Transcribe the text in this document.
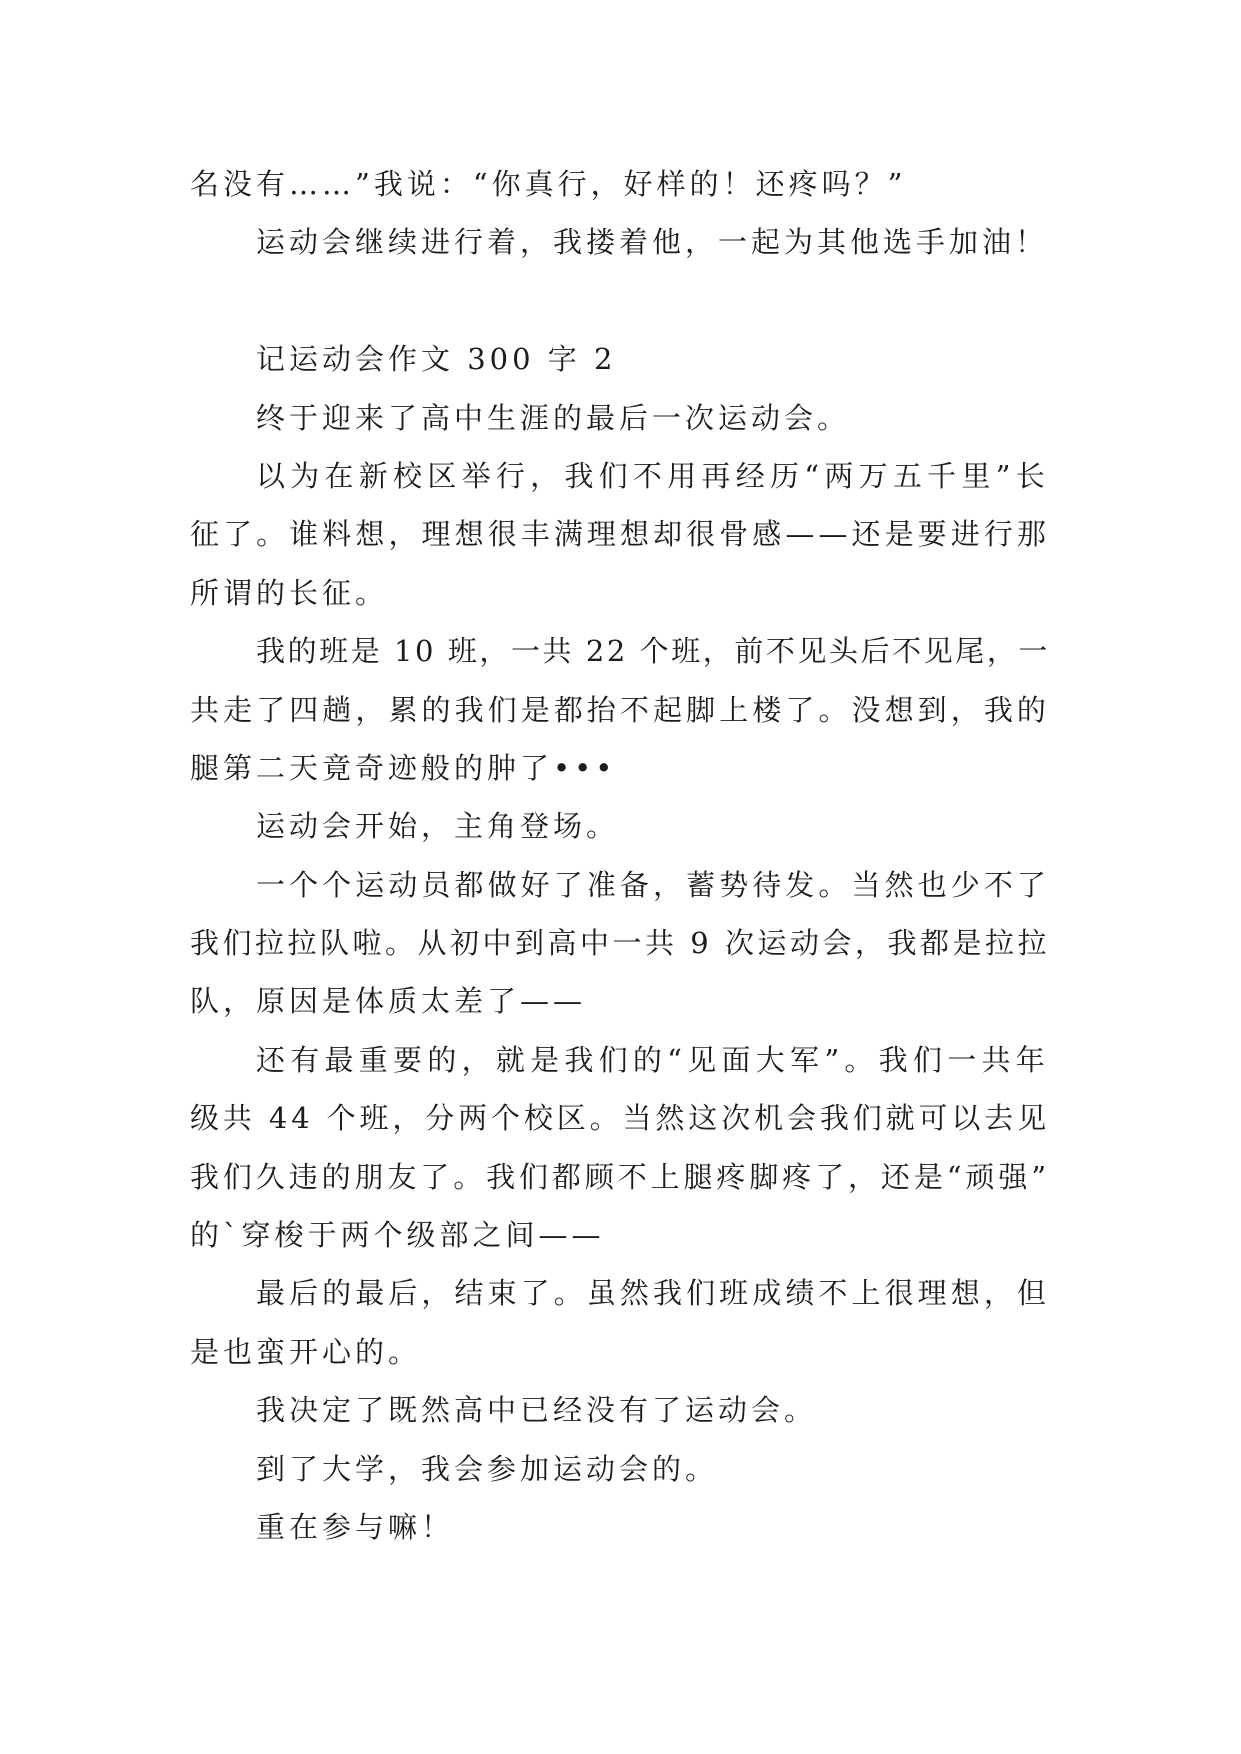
名没有……”我说：“你真行，好样的！还疼吗？”
运动会继续进行着，我搂着他，一起为其他选手加油！
记运动会作文 300 字 2
终于迎来了高中生涯的最后一次运动会。
以为在新校区举行，我们不用再经历“两万五千里”长
征了。谁料想，理想很丰满理想却很骨感——还是要进行那
所谓的长征。
我的班是 10 班，一共 22 个班，前不见头后不见尾，一
共走了四趟，累的我们是都抬不起脚上楼了。没想到，我的
腿第二天竟奇迹般的肿了•••
运动会开始，主角登场。
一个个运动员都做好了准备，蓄势待发。当然也少不了
我们拉拉队啦。从初中到高中一共 9 次运动会，我都是拉拉
队，原因是体质太差了——
还有最重要的，就是我们的“见面大军”。我们一共年
级共 44 个班，分两个校区。当然这次机会我们就可以去见
我们久违的朋友了。我们都顾不上腿疼脚疼了，还是“顽强”
的`穿梭于两个级部之间——
最后的最后，结束了。虽然我们班成绩不上很理想，但
是也蛮开心的。
我决定了既然高中已经没有了运动会。
到了大学，我会参加运动会的。
重在参与嘛！
